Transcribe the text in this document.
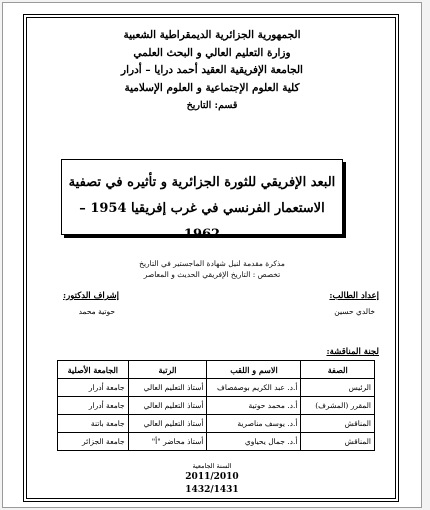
الجمهورية الجزائرية الديمقراطية الشعبية
وزارة التعليم العالي و البحث العلمي
الجامعة الإفريقية العقيد أحمد درايا – أدرار
كلية العلوم الإجتماعية و العلوم الإسلامية
قسم: التاريخ
البعد الإفريقي للثورة الجزائرية و تأثيره في تصفية
الاستعمار الفرنسي في غرب إفريقيا 1954 – 1962
مذكرة مقدمة لنيل شهادة الماجستير في التاريخ
تخصص : التاريخ الإفريقي الحديث و المعاصر
إعداد الطالب:
خالدي حسين
إشراف الدكتور:
حوتية محمد
لجنة المناقشة:
الصفة	الاسم و اللقب	الرتبة	الجامعة الأصلية
الرئيس	أ.د. عبد الكريم بوصفصاف	أستاذ التعليم العالي	جامعة أدرار
المقرر (المشرف)	أ.د. محمد حوتية	أستاذ التعليم العالي	جامعة أدرار
المناقش	أ.د. يوسف مناصرية	أستاذ التعليم العالي	جامعة باتنة
المناقش	أ.د. جمال يحياوي	أستاذ محاضر "أ"	جامعة الجزائر
السنة الجامعية
2011/2010
1432/1431
